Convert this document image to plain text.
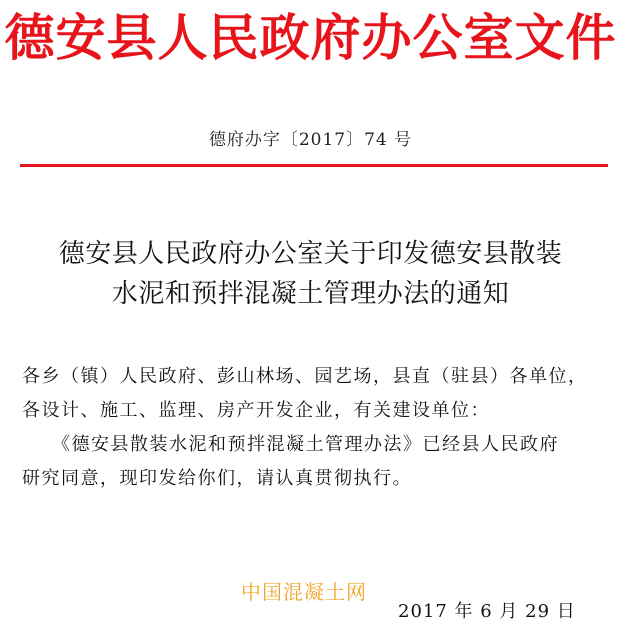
德安县人民政府办公室文件
德府办字〔2017〕74 号
德安县人民政府办公室关于印发德安县散装
水泥和预拌混凝土管理办法的通知
各乡（镇）人民政府、彭山林场、园艺场，县直（驻县）各单位，
各设计、施工、监理、房产开发企业，有关建设单位：
《德安县散装水泥和预拌混凝土管理办法》已经县人民政府
研究同意，现印发给你们，请认真贯彻执行。
中国混凝土网
2017 年 6 月 29 日
